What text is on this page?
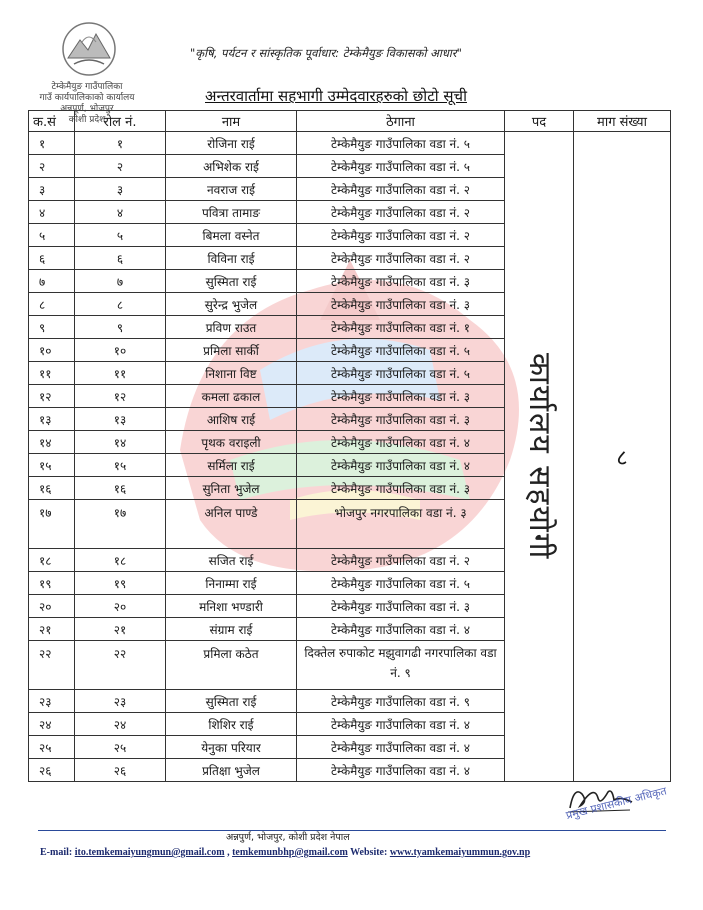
टेम्केमैयुङ गाउँपालिका
गाउँ कार्यपालिकाको कार्यालय
अन्नपूर्ण, भोजपुर
कोशी प्रदेश
"कृषि, पर्यटन र सांस्कृतिक पूर्वाधार: टेम्केमैयुङ विकासको आधार"
अन्तरवार्तामा सहभागी उम्मेदवारहरुको छोटो सूची
क.सं	रोल नं.	नाम	ठेगाना	पद	माग संख्या
१	१	रोजिना राई	टेम्केमैयुङ गाउँपालिका वडा नं. ५	कार्यालय सहयोगी	८
२	२	अभिशेक राई	टेम्केमैयुङ गाउँपालिका वडा नं. ५		
३	३	नवराज राई	टेम्केमैयुङ गाउँपालिका वडा नं. २		
४	४	पवित्रा तामाङ	टेम्केमैयुङ गाउँपालिका वडा नं. २		
५	५	बिमला वस्नेत	टेम्केमैयुङ गाउँपालिका वडा नं. २		
६	६	विविना राई	टेम्केमैयुङ गाउँपालिका वडा नं. २		
७	७	सुस्मिता राई	टेम्केमैयुङ गाउँपालिका वडा नं. ३		
८	८	सुरेन्द्र भुजेल	टेम्केमैयुङ गाउँपालिका वडा नं. ३		
९	९	प्रविण राउत	टेम्केमैयुङ गाउँपालिका वडा नं. १		
१०	१०	प्रमिला सार्की	टेम्केमैयुङ गाउँपालिका वडा नं. ५		
११	११	निशाना विष्ट	टेम्केमैयुङ गाउँपालिका वडा नं. ५		
१२	१२	कमला ढकाल	टेम्केमैयुङ गाउँपालिका वडा नं. ३		
१३	१३	आशिष राई	टेम्केमैयुङ गाउँपालिका वडा नं. ३		
१४	१४	पृथक वराइली	टेम्केमैयुङ गाउँपालिका वडा नं. ४		
१५	१५	सर्मिला राई	टेम्केमैयुङ गाउँपालिका वडा नं. ४		
१६	१६	सुनिता भुजेल	टेम्केमैयुङ गाउँपालिका वडा नं. ३		
१७	१७	अनिल पाण्डे	भोजपुर नगरपालिका वडा नं. ३		
१८	१८	सजित राई	टेम्केमैयुङ गाउँपालिका वडा नं. २		
१९	१९	निनाम्मा राई	टेम्केमैयुङ गाउँपालिका वडा नं. ५		
२०	२०	मनिशा भण्डारी	टेम्केमैयुङ गाउँपालिका वडा नं. ३		
२१	२१	संग्राम राई	टेम्केमैयुङ गाउँपालिका वडा नं. ४		
२२	२२	प्रमिला कठेत	दिक्तेल रुपाकोट मझुवागढी नगरपालिका वडा नं. ९		
२३	२३	सुस्मिता राई	टेम्केमैयुङ गाउँपालिका वडा नं. ९		
२४	२४	शिशिर राई	टेम्केमैयुङ गाउँपालिका वडा नं. ४		
२५	२५	येनुका परियार	टेम्केमैयुङ गाउँपालिका वडा नं. ४		
२६	२६	प्रतिक्षा भुजेल	टेम्केमैयुङ गाउँपालिका वडा नं. ४		
प्रमुख प्रशासकीय अधिकृत
अन्नपुर्ण, भोजपुर, कोशी प्रदेश नेपाल
E-mail: ito.temkemaiyungmun@gmail.com , temkemunbhp@gmail.com Website: www.tyamkemaiyummun.gov.np
